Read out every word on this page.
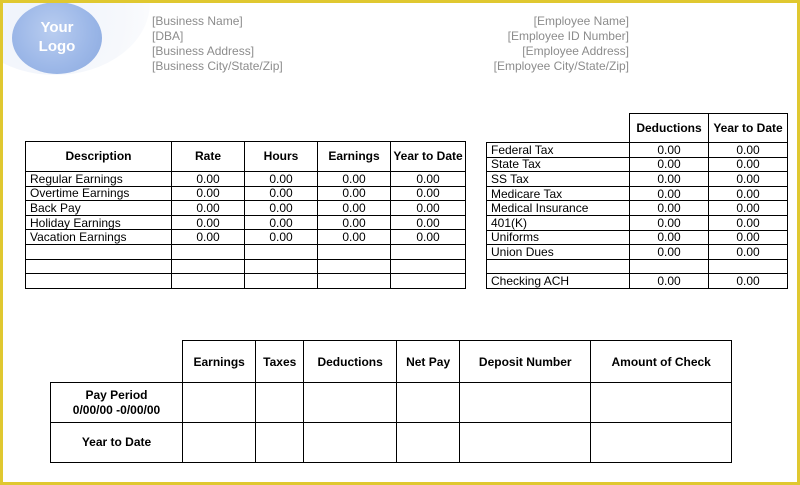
Your
Logo
[Business Name]
[DBA]
[Business Address]
[Business City/State/Zip]
[Employee Name]
[Employee ID Number]
[Employee Address]
[Employee City/State/Zip]
Description	Rate	Hours	Earnings	Year to Date
Regular Earnings	0.00	0.00	0.00	0.00
Overtime Earnings	0.00	0.00	0.00	0.00
Back Pay	0.00	0.00	0.00	0.00
Holiday Earnings	0.00	0.00	0.00	0.00
Vacation Earnings	0.00	0.00	0.00	0.00

	Deductions	Year to Date
Federal Tax	0.00	0.00
State Tax	0.00	0.00
SS Tax	0.00	0.00
Medicare Tax	0.00	0.00
Medical Insurance	0.00	0.00
401(K)	0.00	0.00
Uniforms	0.00	0.00
Union Dues	0.00	0.00

Checking ACH	0.00	0.00
	Earnings	Taxes	Deductions	Net Pay	Deposit Number	Amount of Check

Pay Period
0/00/00 -0/00/00						

Year to Date						
